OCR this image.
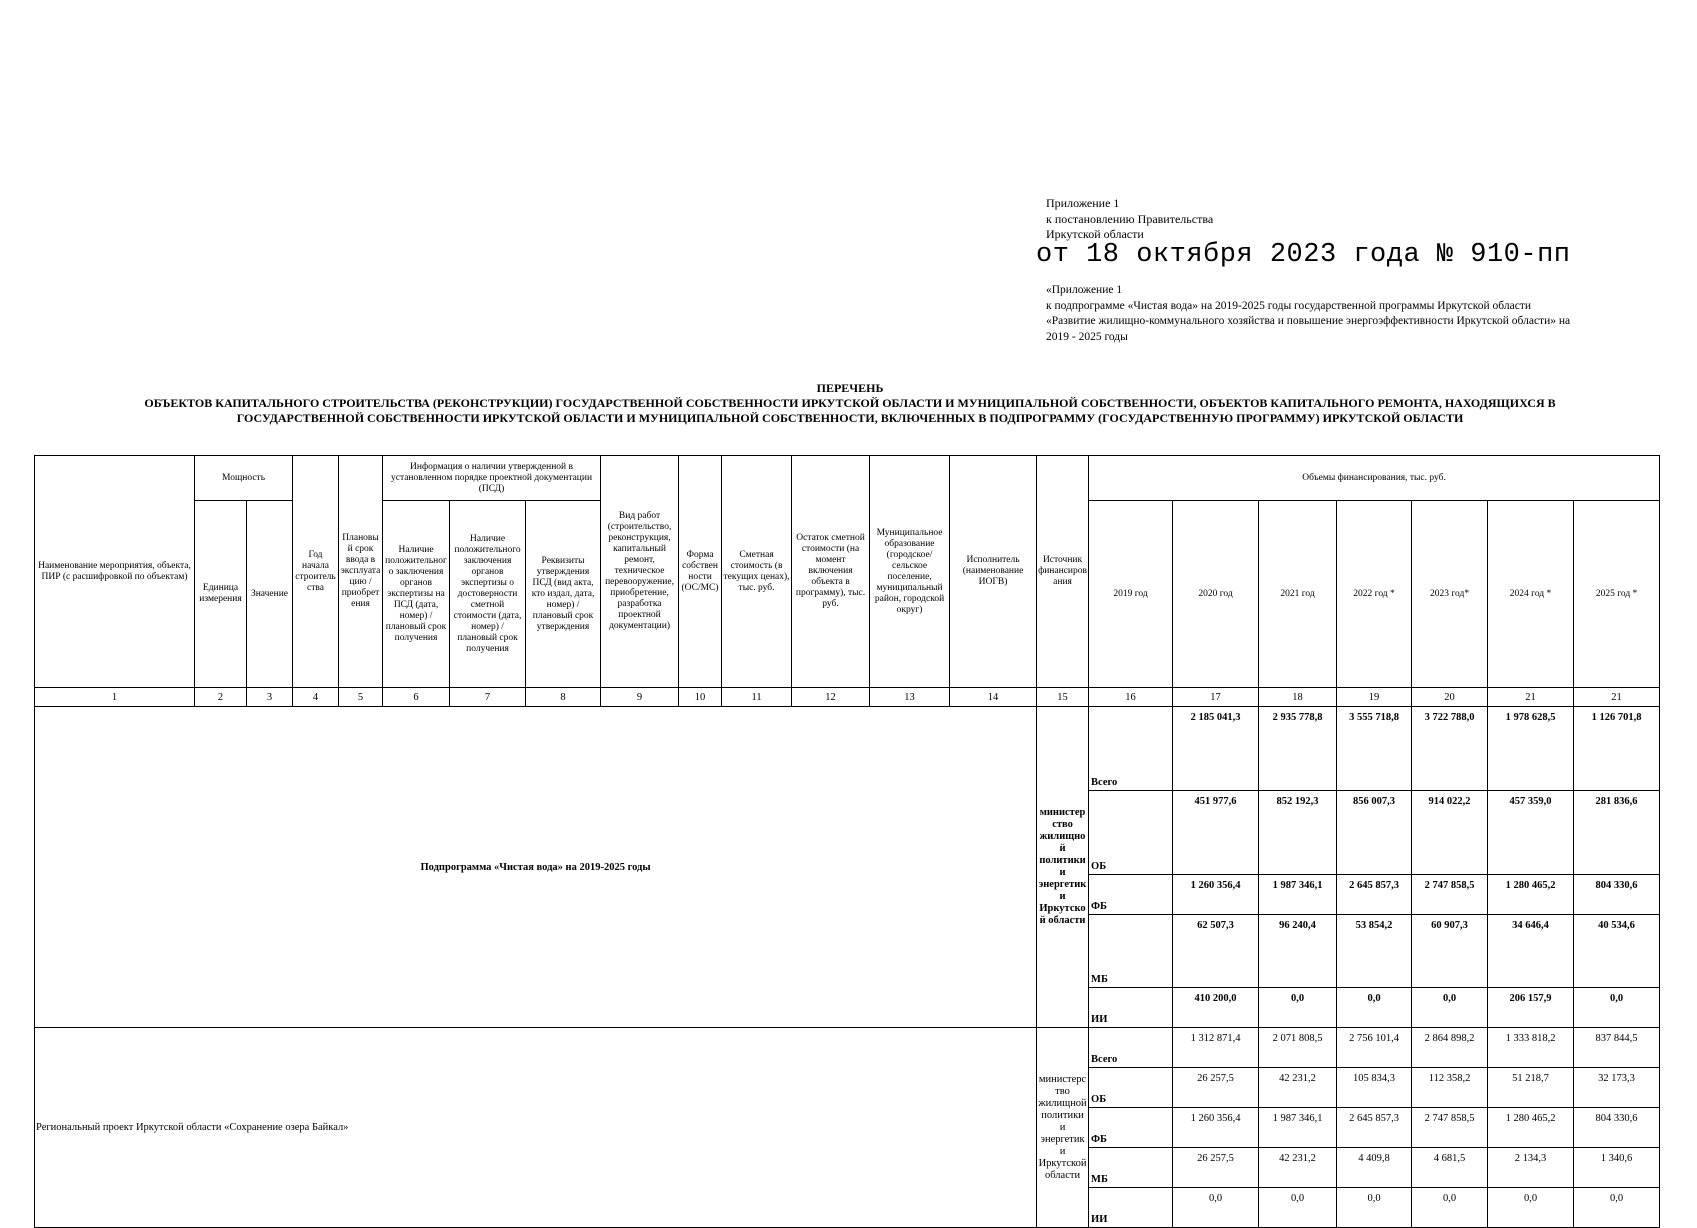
Приложение 1
к постановлению Правительства
Иркутской области
от 18 октября 2023 года № 910-пп
«Приложение 1
к подпрограмме «Чистая вода» на 2019-2025 годы государственной программы Иркутской области
«Развитие жилищно-коммунального хозяйства и повышение энергоэффективности Иркутской области» на
2019 - 2025 годы
ПЕРЕЧЕНЬ
ОБЪЕКТОВ КАПИТАЛЬНОГО СТРОИТЕЛЬСТВА (РЕКОНСТРУКЦИИ) ГОСУДАРСТВЕННОЙ СОБСТВЕННОСТИ ИРКУТСКОЙ ОБЛАСТИ И МУНИЦИПАЛЬНОЙ СОБСТВЕННОСТИ, ОБЪЕКТОВ КАПИТАЛЬНОГО РЕМОНТА, НАХОДЯЩИХСЯ В
ГОСУДАРСТВЕННОЙ СОБСТВЕННОСТИ ИРКУТСКОЙ ОБЛАСТИ И МУНИЦИПАЛЬНОЙ СОБСТВЕННОСТИ, ВКЛЮЧЕННЫХ В ПОДПРОГРАММУ (ГОСУДАРСТВЕННУЮ ПРОГРАММУ) ИРКУТСКОЙ ОБЛАСТИ
Наименование мероприятия, объекта, ПИР (с расшифровкой по объектам)	Мощность		Год начала строительства	Плановый срок ввода в эксплуатацию / приобретения	Информация о наличии утвержденной в установленном порядке проектной документации (ПСД)			Вид работ (строительство, реконструкция, капитальный ремонт, техническое перевооружение, приобретение, разработка проектной документации)	Форма собственности (ОС/МС)	Сметная стоимость (в текущих ценах), тыс. руб.	Остаток сметной стоимости (на момент включения объекта в программу), тыс. руб.	Муниципальное образование (городское/сельское поселение, муниципальный район, городской округ)	Исполнитель (наименование ИОГВ)	Источник финансирования	Объемы финансирования, тыс. руб.							
	Единица измерения	Значение			Наличие положительного заключения органов экспертизы на ПСД (дата, номер) / плановый срок получения	Наличие положительного заключения органов экспертизы о достоверности сметной стоимости (дата, номер) / плановый срок получения	Реквизиты утверждения ПСД (вид акта, кто издал, дата, номер) / плановый срок утверждения								2019 год	2020 год	2021 год	2022 год *	2023 год*	2024 год *	2025 год *	
1	2	3	4	5	6	7	8	9	10	11	12	13	14	15	16	17	18	19	20	21	21	
Подпрограмма «Чистая вода» на 2019-2025 годы														министерство жилищной политики и энергетики Иркутской области	Всего	2 185 041,3	2 935 778,8	3 555 718,8	3 722 788,0	1 978 628,5	1 126 701,8	
															ОБ	451 977,6	852 192,3	856 007,3	914 022,2	457 359,0	281 836,6	
															ФБ	1 260 356,4	1 987 346,1	2 645 857,3	2 747 858,5	1 280 465,2	804 330,6	
															МБ	62 507,3	96 240,4	53 854,2	60 907,3	34 646,4	40 534,6	
															ИИ	410 200,0	0,0	0,0	0,0	206 157,9	0,0	
Региональный проект Иркутской области «Сохранение озера Байкал»														министерство жилищной политики и энергетики Иркутской области	Всего	1 312 871,4	2 071 808,5	2 756 101,4	2 864 898,2	1 333 818,2	837 844,5	
															ОБ	26 257,5	42 231,2	105 834,3	112 358,2	51 218,7	32 173,3	
															ФБ	1 260 356,4	1 987 346,1	2 645 857,3	2 747 858,5	1 280 465,2	804 330,6	
															МБ	26 257,5	42 231,2	4 409,8	4 681,5	2 134,3	1 340,6	
															ИИ	0,0	0,0	0,0	0,0	0,0	0,0	
